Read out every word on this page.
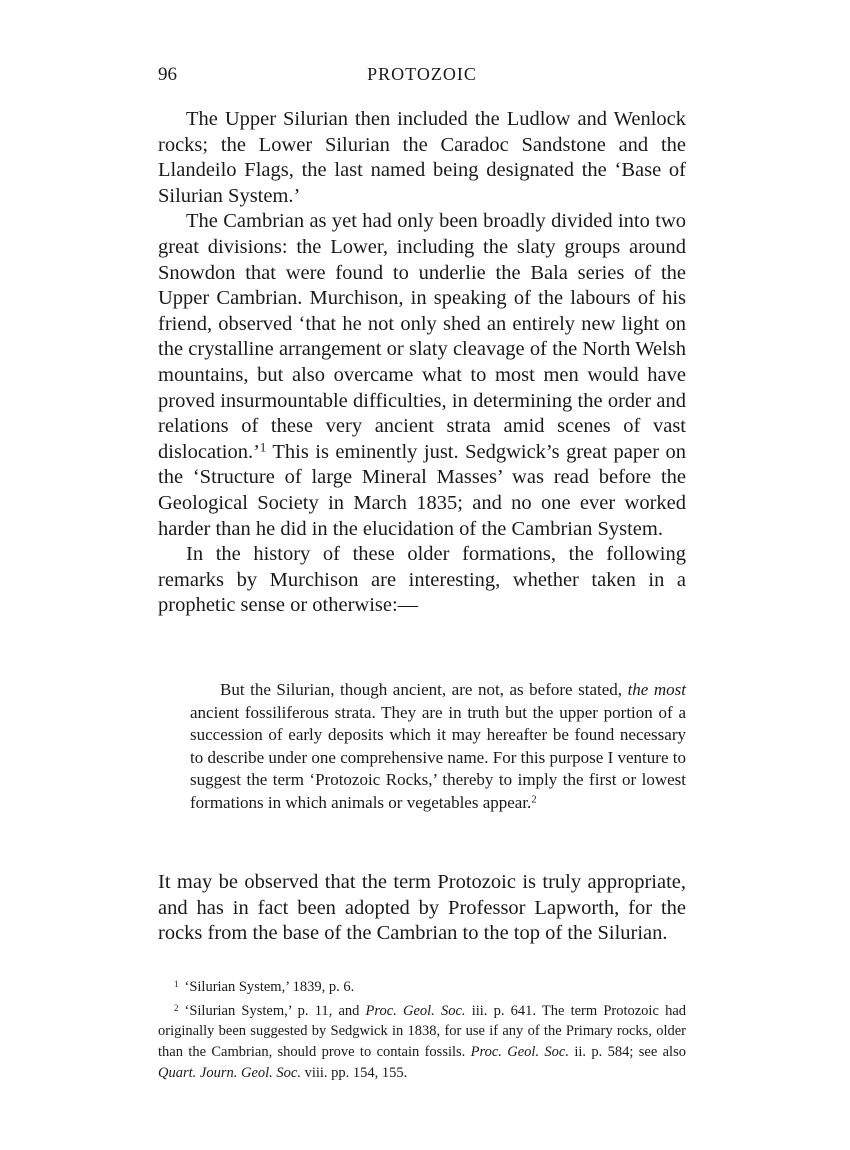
96	PROTOZOIC

The Upper Silurian then included the Ludlow and Wenlock rocks; the Lower Silurian the Caradoc Sandstone and the Llandeilo Flags, the last named being designated the ‘Base of Silurian System.’

The Cambrian as yet had only been broadly divided into two great divisions: the Lower, including the slaty groups around Snowdon that were found to underlie the Bala series of the Upper Cambrian. Murchison, in speaking of the labours of his friend, observed ‘that he not only shed an entirely new light on the crystalline arrangement or slaty cleavage of the North Welsh mountains, but also overcame what to most men would have proved insurmountable difficulties, in determining the order and relations of these very ancient strata amid scenes of vast dislocation.’$^1$ This is eminently just. Sedgwick’s great paper on the ‘Structure of large Mineral Masses’ was read before the Geological Society in March 1835; and no one ever worked harder than he did in the elucidation of the Cambrian System.

In the history of these older formations, the following remarks by Murchison are interesting, whether taken in a prophetic sense or otherwise:—

But the Silurian, though ancient, are not, as before stated, the most ancient fossiliferous strata. They are in truth but the upper portion of a succession of early deposits which it may hereafter be found necessary to describe under one comprehensive name. For this purpose I venture to suggest the term ‘Protozoic Rocks,’ thereby to imply the first or lowest formations in which animals or vegetables appear.$^2$

It may be observed that the term Protozoic is truly appropriate, and has in fact been adopted by Professor Lapworth, for the rocks from the base of the Cambrian to the top of the Silurian.

$^1$ ‘Silurian System,’ 1839, p. 6.

$^2$ ‘Silurian System,’ p. 11, and Proc. Geol. Soc. iii. p. 641. The term Protozoic had originally been suggested by Sedgwick in 1838, for use if any of the Primary rocks, older than the Cambrian, should prove to contain fossils. Proc. Geol. Soc. ii. p. 584; see also Quart. Journ. Geol. Soc. viii. pp. 154, 155.
